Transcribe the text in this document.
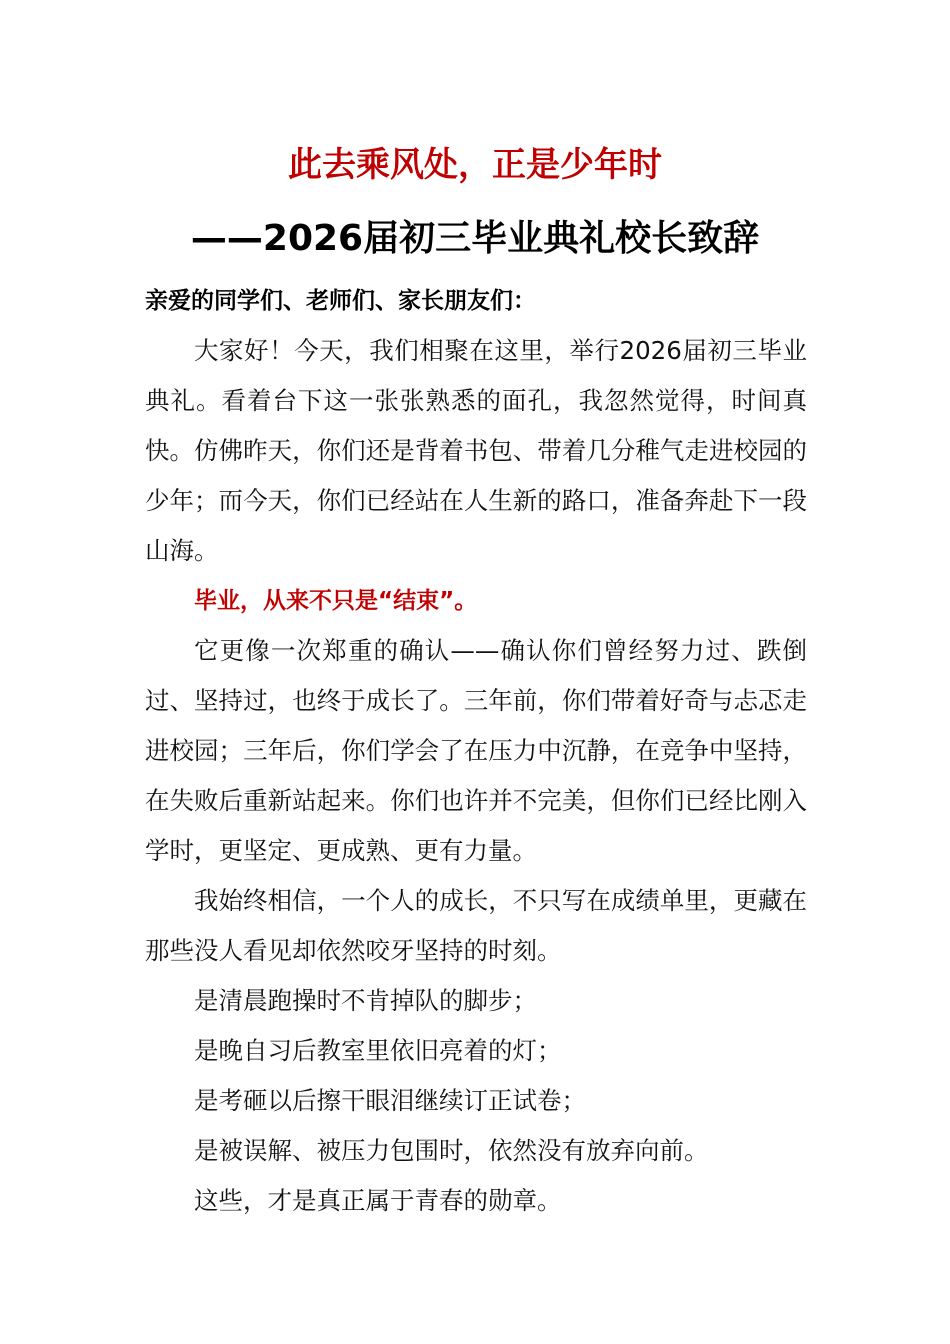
此去乘风处，正是少年时
——2026届初三毕业典礼校长致辞
亲爱的同学们、老师们、家长朋友们：

大家好！今天，我们相聚在这里，举行2026届初三毕业典礼。看着台下这一张张熟悉的面孔，我忽然觉得，时间真快。仿佛昨天，你们还是背着书包、带着几分稚气走进校园的少年；而今天，你们已经站在人生新的路口，准备奔赴下一段山海。

毕业，从来不只是“结束”。

它更像一次郑重的确认——确认你们曾经努力过、跌倒过、坚持过，也终于成长了。三年前，你们带着好奇与忐忑走进校园；三年后，你们学会了在压力中沉静，在竞争中坚持，在失败后重新站起来。你们也许并不完美，但你们已经比刚入学时，更坚定、更成熟、更有力量。

我始终相信，一个人的成长，不只写在成绩单里，更藏在那些没人看见却依然咬牙坚持的时刻。

是清晨跑操时不肯掉队的脚步；

是晚自习后教室里依旧亮着的灯；

是考砸以后擦干眼泪继续订正试卷；

是被误解、被压力包围时，依然没有放弃向前。

这些，才是真正属于青春的勋章。
